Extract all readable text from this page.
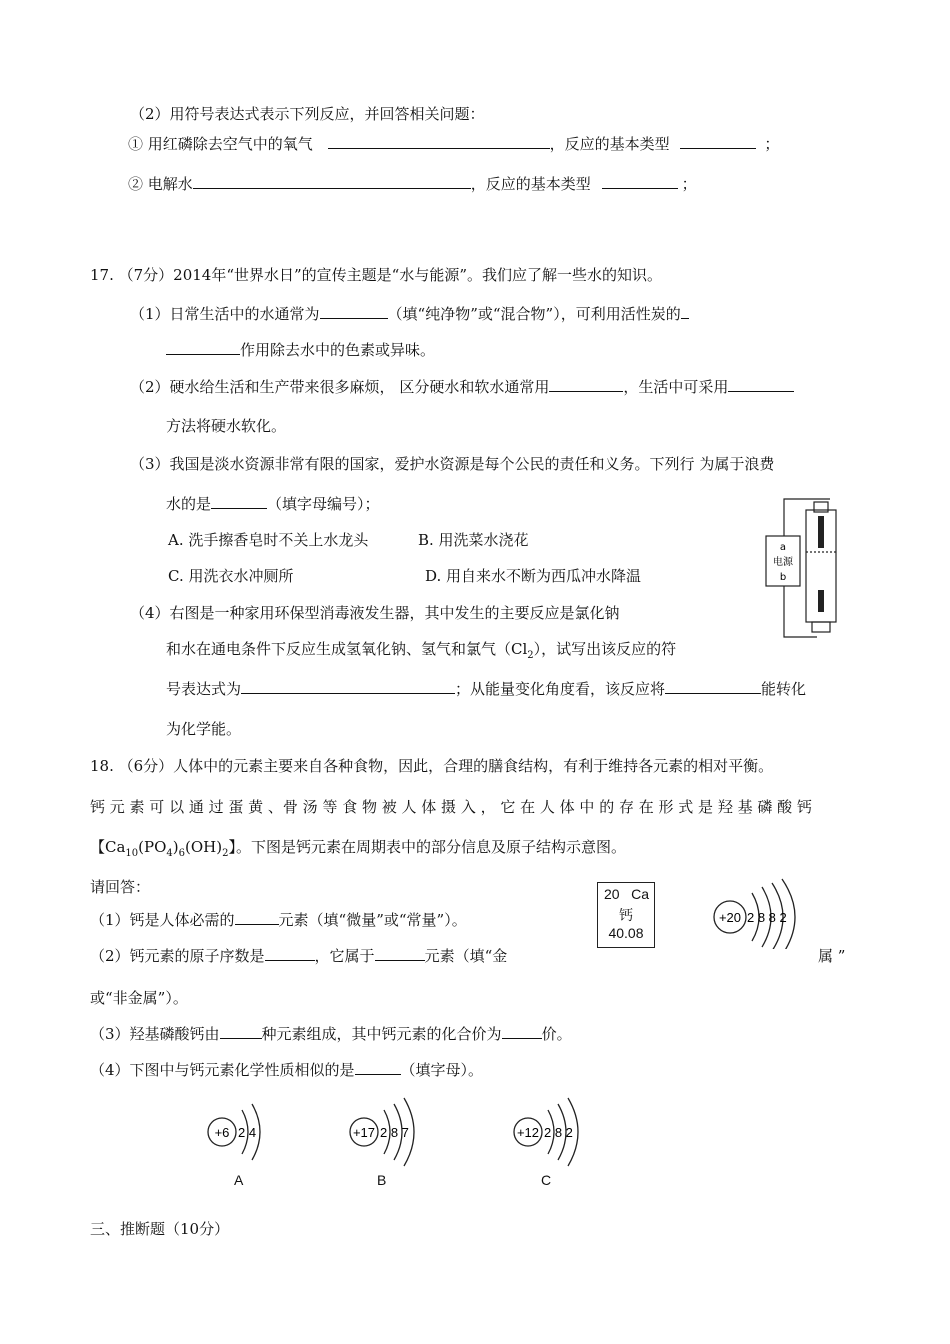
（2）用符号表达式表示下列反应，并回答相关问题：
① 用红磷除去空气中的氧气	，反应的基本类型	；
② 电解水	，反应的基本类型	；
17. （7分）2014年“世界水日”的宣传主题是“水与能源”。我们应了解一些水的知识。
（1）日常生活中的水通常为	（填“纯净物”或“混合物”），可利用活性炭的
作用除去水中的色素或异味。
（2）硬水给生活和生产带来很多麻烦， 区分硬水和软水通常用	，生活中可采用
方法将硬水软化。
（3）我国是淡水资源非常有限的国家，爱护水资源是每个公民的责任和义务。下列行 为属于浪费
水的是	（填字母编号）；
A. 洗手擦香皂时不关上水龙头	B. 用洗菜水浇花
C. 用洗衣水冲厕所	D. 用自来水不断为西瓜冲水降温
（4）右图是一种家用环保型消毒液发生器，其中发生的主要反应是氯化钠
和水在通电条件下反应生成氢氧化钠、氢气和氯气$(Cl_2)$，试写出该反应的符
号表达式为	；从能量变化角度看，该反应将	能转化
为化学能。
a
电源
b
18. （6分）人体中的元素主要来自各种食物，因此，合理的膳食结构，有利于维持各元素的相对平衡。
钙 元 素 可 以 通 过 蛋 黄 、骨 汤 等 食 物 被 人 体 摄 入 ， 它 在 人 体 中 的 存 在 形 式 是 羟 基 磷 酸 钙
【$Ca_{10}(PO_4)_6(OH)_2$】。下图是钙元素在周期表中的部分信息及原子结构示意图。
请回答：
（1）钙是人体必需的	元素（填“微量”或“常量”）。
（2）钙元素的原子序数是	，它属于	元素（填“金	属 ”
或“非金属”）。
（3）羟基磷酸钙由	种元素组成，其中钙元素的化合价为	价。
（4）下图中与钙元素化学性质相似的是	（填字母）。
20 Ca
钙
40.08
+20 2 8 8 2
+6 2 4
A
+17 2 8 7
B
+12 2 8 2
C
三、推断题（10分）
